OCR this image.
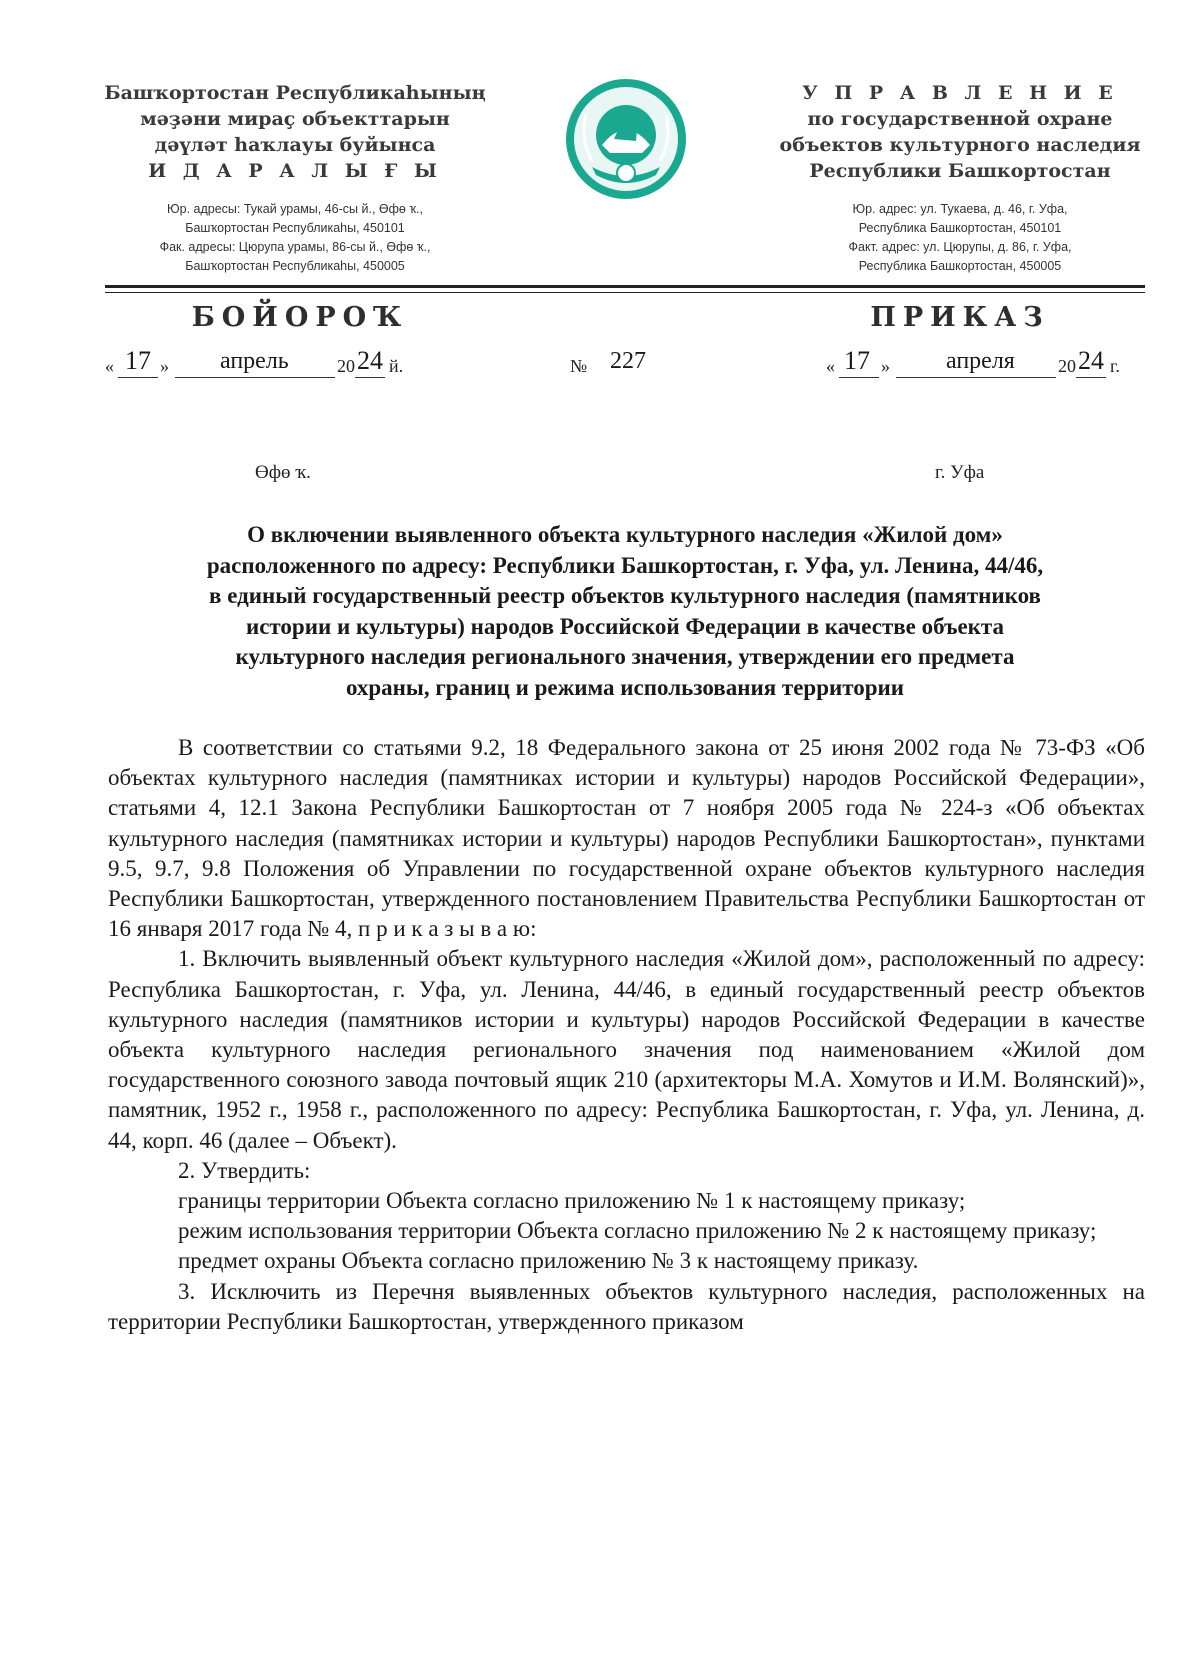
Башҡортостан Республикаһының
мәҙәни мираҫ объекттарын
дәүләт һаҡлауы буйынса
И Д А Р А Л Ы Ғ Ы
Юр. адресы: Тукай урамы, 46-сы й., Өфө ҡ.,
Башҡортостан Республикаһы, 450101
Фак. адресы: Цюрупа урамы, 86-сы й., Өфө ҡ.,
Башҡортостан Республикаһы, 450005
У П Р А В Л Е Н И Е
по государственной охране
объектов культурного наследия
Республики Башкортостан
Юр. адрес: ул. Тукаева, д. 46, г. Уфа,
Республика Башкортостан, 450101
Факт. адрес: ул. Цюрупы, д. 86, г. Уфа,
Республика Башкортостан, 450005
БОЙОРОҠ	ПРИКАЗ
« 17 » апрель	20 24 й.	№ 227	« 17 » апреля 20 24 г.
Өфө ҡ.	г. Уфа
О включении выявленного объекта культурного наследия «Жилой дом»
расположенного по адресу: Республики Башкортостан, г. Уфа, ул. Ленина, 44/46,
в единый государственный реестр объектов культурного наследия (памятников
истории и культуры) народов Российской Федерации в качестве объекта
культурного наследия регионального значения, утверждении его предмета
охраны, границ и режима использования территории

В соответствии со статьями 9.2, 18 Федерального закона от 25 июня 2002 года № 73-ФЗ «Об объектах культурного наследия (памятниках истории и культуры) народов Российской Федерации», статьями 4, 12.1 Закона Республики Башкортостан от 7 ноября 2005 года № 224-з «Об объектах культурного наследия (памятниках истории и культуры) народов Республики Башкортостан», пунктами 9.5, 9.7, 9.8 Положения об Управлении по государственной охране объектов культурного наследия Республики Башкортостан, утвержденного постановлением Правительства Республики Башкортостан от 16 января 2017 года № 4, п р и к а з ы в а ю:

1. Включить выявленный объект культурного наследия «Жилой дом», расположенный по адресу: Республика Башкортостан, г. Уфа, ул. Ленина, 44/46, в единый государственный реестр объектов культурного наследия (памятников истории и культуры) народов Российской Федерации в качестве объекта культурного наследия регионального значения под наименованием «Жилой дом государственного союзного завода почтовый ящик 210 (архитекторы М.А. Хомутов и И.М. Волянский)», памятник, 1952 г., 1958 г., расположенного по адресу: Республика Башкортостан, г. Уфа, ул. Ленина, д. 44, корп. 46 (далее – Объект).

2. Утвердить:

границы территории Объекта согласно приложению № 1 к настоящему приказу;

режим использования территории Объекта согласно приложению № 2 к настоящему приказу;

предмет охраны Объекта согласно приложению № 3 к настоящему приказу.

3. Исключить из Перечня выявленных объектов культурного наследия, расположенных на территории Республики Башкортостан, утвержденного приказом
